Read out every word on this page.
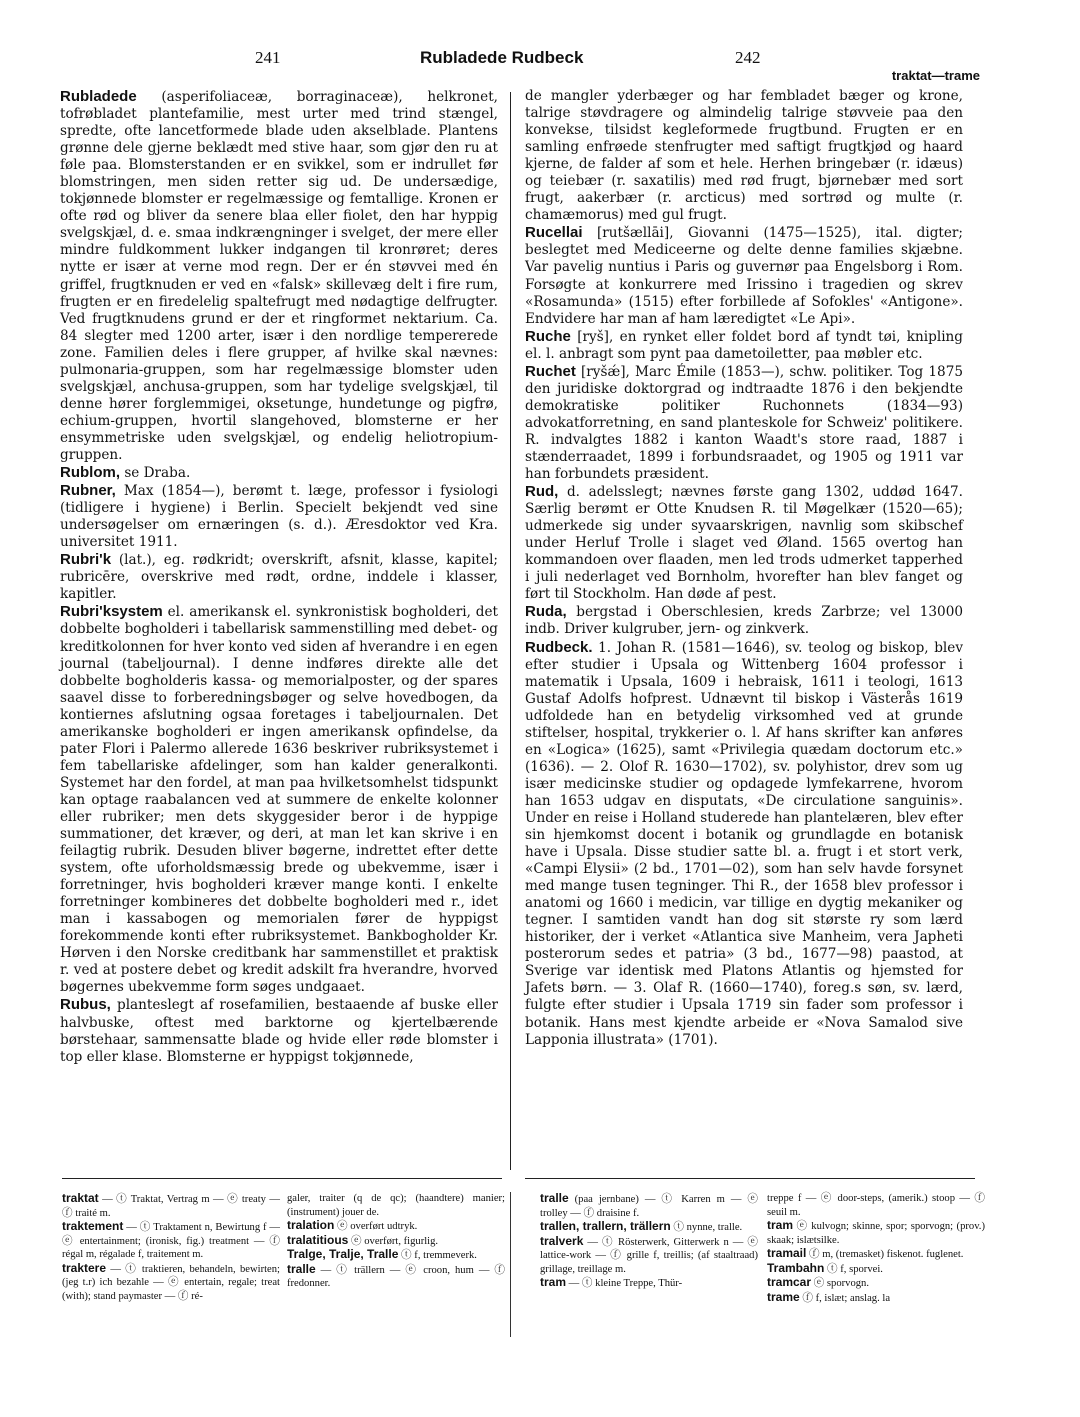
241	Rubladede Rudbeck	242
traktat—trame

Rubladede (asperifoliaceæ, borraginaceæ), helkronet, tofrøbladet plantefamilie, mest urter med trind stængel, spredte, ofte lancetformede blade uden akselblade. Plantens grønne dele gjerne beklædt med stive haar, som gjør den ru at føle paa. Blomsterstanden er en svikkel, som er indrullet før blomstringen, men siden retter sig ud. De undersædige, tokjønnede blomster er regelmæssige og femtallige. Kronen er ofte rød og bliver da senere blaa eller fiolet, den har hyppig svelgskjæl, d. e. smaa indkrængninger i svelget, der mere eller mindre fuldkomment lukker indgangen til kronrøret; deres nytte er især at verne mod regn. Der er én støvvei med én griffel, frugtknuden er ved en «falsk» skillevæg delt i fire rum, frugten er en firedelelig spaltefrugt med nødagtige delfrugter. Ved frugtknudens grund er der et ringformet nektarium. Ca. 84 slegter med 1200 arter, især i den nordlige tempererede zone. Familien deles i flere grupper, af hvilke skal nævnes: pulmonaria-gruppen, som har regelmæssige blomster uden svelgskjæl, anchusa-gruppen, som har tydelige svelgskjæl, til denne hører forglemmigei, oksetunge, hundetunge og pigfrø, echium-gruppen, hvortil slangehoved, blomsterne er her ensymmetriske uden svelgskjæl, og endelig heliotropium-gruppen.

Rublom, se Draba.

Rubner, Max (1854—), berømt t. læge, professor i fysiologi (tidligere i hygiene) i Berlin. Specielt bekjendt ved sine undersøgelser om ernæringen (s. d.). Æresdoktor ved Kra. universitet 1911.

Rubri'k (lat.), eg. rødkridt; overskrift, afsnit, klasse, kapitel; rubricēre, overskrive med rødt, ordne, inddele i klasser, kapitler.

Rubri'ksystem el. amerikansk el. synkronistisk bogholderi, det dobbelte bogholderi i tabellarisk sammenstilling med debet- og kreditkolonnen for hver konto ved siden af hverandre i en egen journal (tabeljournal). I denne indføres direkte alle det dobbelte bogholderis kassa- og memorialposter, og der spares saavel disse to forberedningsbøger og selve hovedbogen, da kontiernes afslutning ogsaa foretages i tabeljournalen. Det amerikanske bogholderi er ingen amerikansk opfindelse, da pater Flori i Palermo allerede 1636 beskriver rubriksystemet i fem tabellariske afdelinger, som han kalder generalkonti. Systemet har den fordel, at man paa hvilketsomhelst tidspunkt kan optage raabalancen ved at summere de enkelte kolonner eller rubriker; men dets skyggesider beror i de hyppige summationer, det kræver, og deri, at man let kan skrive i en feilagtig rubrik. Desuden bliver bøgerne, indrettet efter dette system, ofte uforholdsmæssig brede og ubekvemme, især i forretninger, hvis bogholderi kræver mange konti. I enkelte forretninger kombineres det dobbelte bogholderi med r., idet man i kassabogen og memorialen fører de hyppigst forekommende konti efter rubriksystemet. Bankbogholder Kr. Hørven i den Norske creditbank har sammenstillet et praktisk r. ved at postere debet og kredit adskilt fra hverandre, hvorved bøgernes ubekvemme form søges undgaaet.

Rubus, planteslegt af rosefamilien, bestaaende af buske eller halvbuske, oftest med barktorne og kjertelbærende børstehaar, sammensatte blade og hvide eller røde blomster i top eller klase. Blomsterne er hyppigst tokjønnede,

de mangler yderbæger og har fembladet bæger og krone, talrige støvdragere og almindelig talrige støvveie paa den konvekse, tilsidst kegleformede frugtbund. Frugten er en samling enfrøede stenfrugter med saftigt frugtkjød og haard kjerne, de falder af som et hele. Herhen bringebær (r. idæus) og teiebær (r. saxatilis) med rød frugt, bjørnebær med sort frugt, aakerbær (r. arcticus) med sortrød og multe (r. chamæmorus) med gul frugt.

Rucellai [rutšællāi], Giovanni (1475—1525), ital. digter; beslegtet med Mediceerne og delte denne families skjæbne. Var pavelig nuntius i Paris og guvernør paa Engelsborg i Rom. Forsøgte at konkurrere med Irissino i tragedien og skrev «Rosamunda» (1515) efter forbillede af Sofokles' «Antigone». Endvidere har man af ham læredigtet «Le Api».

Ruche [ryš], en rynket eller foldet bord af tyndt tøi, knipling el. l. anbragt som pynt paa dametoiletter, paa møbler etc.

Ruchet [ryšǽ], Marc Émile (1853—), schw. politiker. Tog 1875 den juridiske doktorgrad og indtraadte 1876 i den bekjendte demokratiske politiker Ruchonnets (1834—93) advokatforretning, en sand planteskole for Schweiz' politikere. R. indvalgtes 1882 i kanton Waadt's store raad, 1887 i stænderraadet, 1899 i forbundsraadet, og 1905 og 1911 var han forbundets præsident.

Rud, d. adelsslegt; nævnes første gang 1302, uddød 1647. Særlig berømt er Otte Knudsen R. til Møgelkær (1520—65); udmerkede sig under syvaarskrigen, navnlig som skibschef under Herluf Trolle i slaget ved Øland. 1565 overtog han kommandoen over flaaden, men led trods udmerket tapperhed i juli nederlaget ved Bornholm, hvorefter han blev fanget og ført til Stockholm. Han døde af pest.

Ruda, bergstad i Oberschlesien, kreds Zarbrze; vel 13000 indb. Driver kulgruber, jern- og zinkverk.

Rudbeck. 1. Johan R. (1581—1646), sv. teolog og biskop, blev efter studier i Upsala og Wittenberg 1604 professor i matematik i Upsala, 1609 i hebraisk, 1611 i teologi, 1613 Gustaf Adolfs hofprest. Udnævnt til biskop i Västerås 1619 udfoldede han en betydelig virksomhed ved at grunde stiftelser, hospital, trykkerier o. l. Af hans skrifter kan anføres en «Logica» (1625), samt «Privilegia quædam doctorum etc.» (1636). — 2. Olof R. 1630—1702), sv. polyhistor, drev som ug især medicinske studier og opdagede lymfekarrene, hvorom han 1653 udgav en disputats, «De circulatione sanguinis». Under en reise i Holland studerede han plantelæren, blev efter sin hjemkomst docent i botanik og grundlagde en botanisk have i Upsala. Disse studier satte bl. a. frugt i et stort verk, «Campi Elysii» (2 bd., 1701—02), som han selv havde forsynet med mange tusen tegninger. Thi R., der 1658 blev professor i anatomi og 1660 i medicin, var tillige en dygtig mekaniker og tegner. I samtiden vandt han dog sit største ry som lærd historiker, der i verket «Atlantica sive Manheim, vera Japheti posterorum sedes et patria» (3 bd., 1677—98) paastod, at Sverige var identisk med Platons Atlantis og hjemsted for Jafets børn. — 3. Olaf R. (1660—1740), foreg.s søn, sv. lærd, fulgte efter studier i Upsala 1719 sin fader som professor i botanik. Hans mest kjendte arbeide er «Nova Samalod sive Lapponia illustrata» (1701).

traktat — ⓣ Traktat, Vertrag m — ⓔ treaty — ⓕ traité m.

traktement — ⓣ Traktament n, Bewirtung f — ⓔ entertainment; (ironisk, fig.) treatment — ⓕ régal m, régalade f, traitement m.

traktere — ⓣ traktieren, behandeln, bewirten; (jeg t.r) ich bezahle — ⓔ entertain, regale; treat (with); stand paymaster — ⓕ ré-

galer, traiter (q de qc); (haandtere) manier; (instrument) jouer de.

tralation ⓔ overført udtryk.

tralatitious ⓔ overført, figurlig.

Tralge, Tralje, Tralle ⓣ f, tremmeverk.

tralle — ⓣ trällern — ⓔ croon, hum — ⓕ fredonner.

tralle (paa jernbane) — ⓣ Karren m — ⓔ trolley — ⓕ draisine f.

trallen, trallern, trällern ⓣ nynne, tralle.

tralverk — ⓣ Rösterwerk, Gitterwerk n — ⓔ lattice-work — ⓕ grille f, treillis; (af staaltraad) grillage, treillage m.

tram — ⓣ kleine Treppe, Thür-

treppe f — ⓔ door-steps, (amerik.) stoop — ⓕ seuil m.

tram ⓔ kulvogn; skinne, spor; sporvogn; (prov.) skaak; islætsilke.

tramail ⓕ m, (tremasket) fiskenot. fuglenet.

Trambahn ⓣ f, sporvei.

tramcar ⓔ sporvogn.

trame ⓕ f, islæt; anslag. la
